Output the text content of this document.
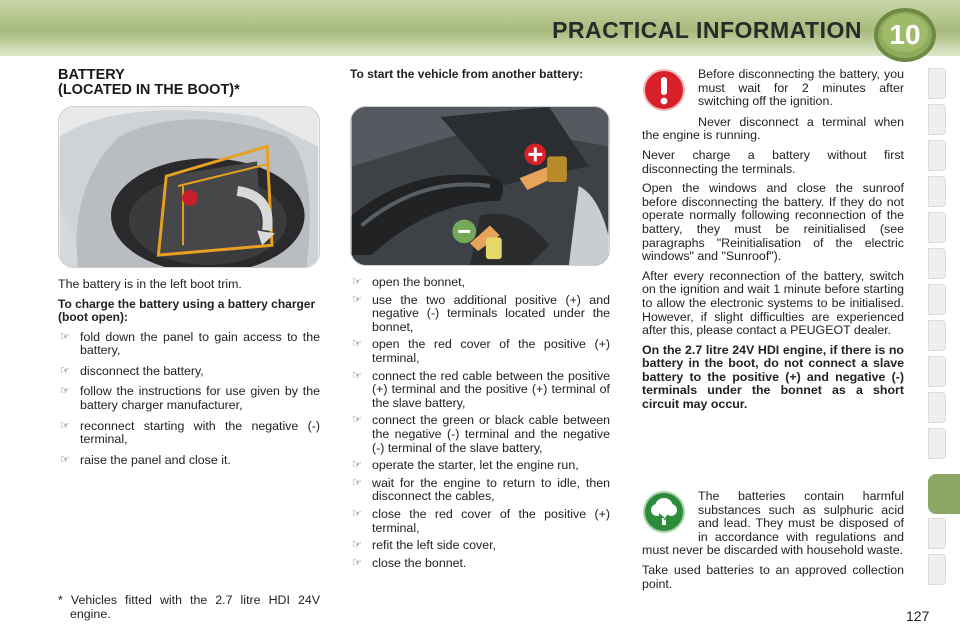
PRACTICAL INFORMATION 10
BATTERY
(LOCATED IN THE BOOT)*

The battery is in the left boot trim.

To charge the battery using a battery charger (boot open):

☞ fold down the panel to gain access to the battery,
☞ disconnect the battery,
☞ follow the instructions for use given by the battery charger manufacturer,
☞ reconnect starting with the negative (-) terminal,
☞ raise the panel and close it.
* Vehicles fitted with the 2.7 litre HDI 24V engine.
To start the vehicle from another battery:
☞ open the bonnet,
☞ use the two additional positive (+) and negative (-) terminals located under the bonnet,
☞ open the red cover of the positive (+) terminal,
☞ connect the red cable between the positive (+) terminal and the positive (+) terminal of the slave battery,
☞ connect the green or black cable between the negative (-) terminal and the negative (-) terminal of the slave battery,
☞ operate the starter, let the engine run,
☞ wait for the engine to return to idle, then disconnect the cables,
☞ close the red cover of the positive (+) terminal,
☞ refit the left side cover,
☞ close the bonnet.

Before disconnecting the battery, you must wait for 2 minutes after switching off the ignition.

Never disconnect a terminal when the engine is running.

Never charge a battery without first disconnecting the terminals.

Open the windows and close the sunroof before disconnecting the battery. If they do not operate normally following reconnection of the battery, they must be reinitialised (see paragraphs "Reinitialisation of the electric windows" and "Sunroof").

After every reconnection of the battery, switch on the ignition and wait 1 minute before starting to allow the electronic systems to be initialised. However, if slight difficulties are experienced after this, please contact a PEUGEOT dealer.

On the 2.7 litre 24V HDI engine, if there is no battery in the boot, do not connect a slave battery to the positive (+) and negative (-) terminals under the bonnet as a short circuit may occur.

The batteries contain harmful substances such as sulphuric acid and lead. They must be disposed of in accordance with regulations and must never be discarded with household waste.

Take used batteries to an approved collection point.

127
